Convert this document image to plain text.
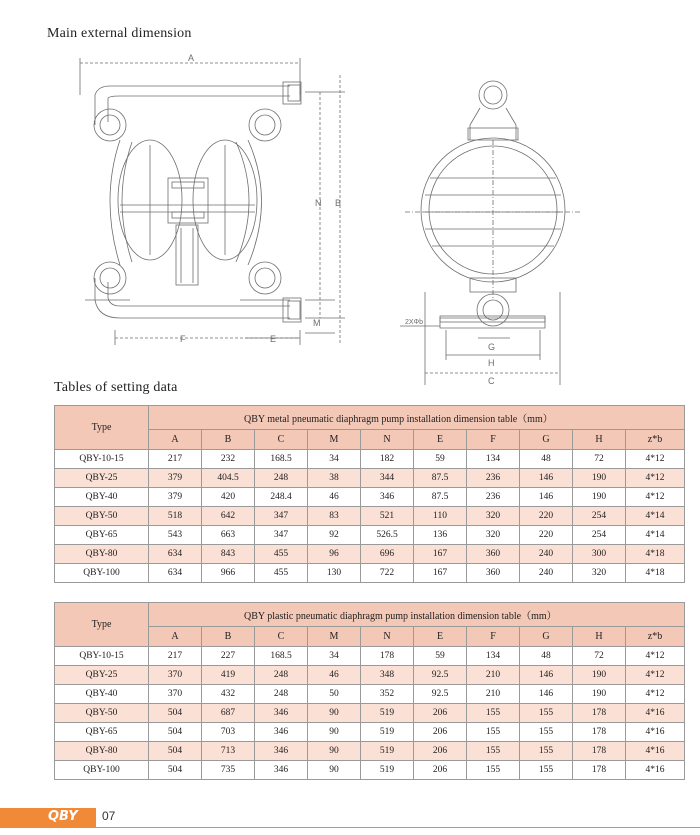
Main external dimension
A
B
N
M
F	E
G
H
C
2XΦb
Tables of setting data
Type	QBY metal pneumatic diaphragm pump installation dimension table（mm）									
	A	B	C	M	N	E	F	G	H	z*b
QBY-10-15	217	232	168.5	34	182	59	134	48	72	4*12
QBY-25	379	404.5	248	38	344	87.5	236	146	190	4*12
QBY-40	379	420	248.4	46	346	87.5	236	146	190	4*12
QBY-50	518	642	347	83	521	110	320	220	254	4*14
QBY-65	543	663	347	92	526.5	136	320	220	254	4*14
QBY-80	634	843	455	96	696	167	360	240	300	4*18
QBY-100	634	966	455	130	722	167	360	240	320	4*18
Type	QBY plastic pneumatic diaphragm pump installation dimension table（mm）									
	A	B	C	M	N	E	F	G	H	z*b
QBY-10-15	217	227	168.5	34	178	59	134	48	72	4*12
QBY-25	370	419	248	46	348	92.5	210	146	190	4*12
QBY-40	370	432	248	50	352	92.5	210	146	190	4*12
QBY-50	504	687	346	90	519	206	155	155	178	4*16
QBY-65	504	703	346	90	519	206	155	155	178	4*16
QBY-80	504	713	346	90	519	206	155	155	178	4*16
QBY-100	504	735	346	90	519	206	155	155	178	4*16
QBY 07
